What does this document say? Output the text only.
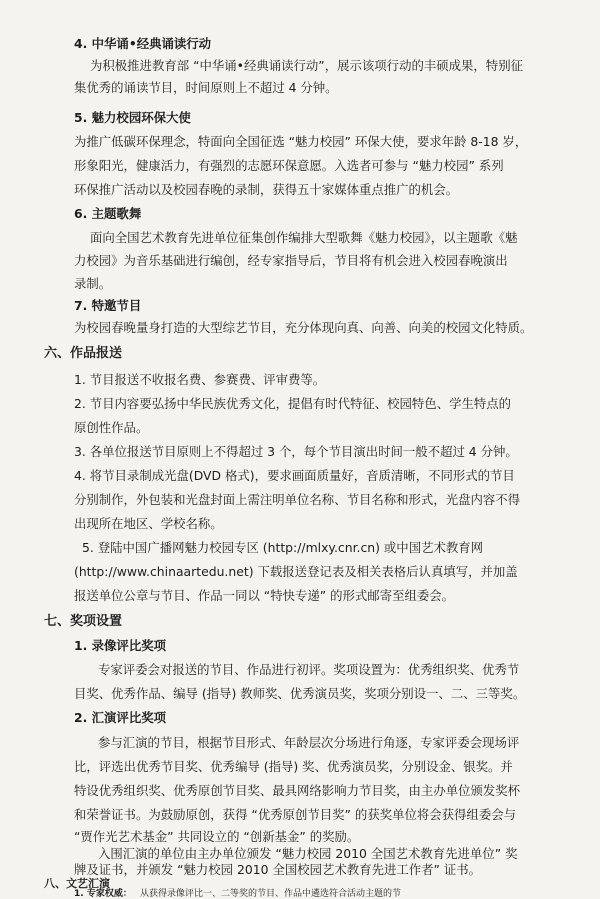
4. 中华诵•经典诵读行动
为积极推进教育部 “中华诵•经典诵读行动”，展示该项行动的丰硕成果，特别征
集优秀的诵读节目，时间原则上不超过 4 分钟。
5. 魅力校园环保大使
为推广低碳环保理念，特面向全国征选 “魅力校园” 环保大使，要求年龄 8-18 岁，
形象阳光，健康活力，有强烈的志愿环保意愿。入选者可参与 “魅力校园” 系列
环保推广活动以及校园春晚的录制，获得五十家媒体重点推广的机会。
6. 主题歌舞
面向全国艺术教育先进单位征集创作编排大型歌舞《魅力校园》，以主题歌《魅
力校园》为音乐基础进行编创，经专家指导后，节目将有机会进入校园春晚演出
录制。
7. 特邀节目
为校园春晚量身打造的大型综艺节目，充分体现向真、向善、向美的校园文化特质。
六、作品报送
1. 节目报送不收报名费、参赛费、评审费等。
2. 节目内容要弘扬中华民族优秀文化，提倡有时代特征、校园特色、学生特点的
原创性作品。
3. 各单位报送节目原则上不得超过 3 个，每个节目演出时间一般不超过 4 分钟。
4. 将节目录制成光盘(DVD 格式)，要求画面质量好，音质清晰，不同形式的节目
分别制作，外包装和光盘封面上需注明单位名称、节目名称和形式，光盘内容不得
出现所在地区、学校名称。
5. 登陆中国广播网魅力校园专区 (http://mlxy.cnr.cn) 或中国艺术教育网
(http://www.chinaartedu.net) 下载报送登记表及相关表格后认真填写，并加盖
报送单位公章与节目、作品一同以 “特快专递” 的形式邮寄至组委会。
七、奖项设置
1. 录像评比奖项
专家评委会对报送的节目、作品进行初评。奖项设置为：优秀组织奖、优秀节
目奖、优秀作品、编导 (指导) 教师奖、优秀演员奖，奖项分别设一、二、三等奖。
2. 汇演评比奖项
参与汇演的节目，根据节目形式、年龄层次分场进行角逐，专家评委会现场评
比，评选出优秀节目奖、优秀编导 (指导) 奖、优秀演员奖，分别设金、银奖。并
特设优秀组织奖、优秀原创节目奖、最具网络影响力节目奖，由主办单位颁发奖杯
和荣誉证书。为鼓励原创，获得 “优秀原创节目奖” 的获奖单位将会获得组委会与
“贾作光艺术基金” 共同设立的 “创新基金” 的奖励。
入围汇演的单位由主办单位颁发 “魅力校园 2010 全国艺术教育先进单位” 奖
牌及证书，并颁发 “魅力校园 2010 全国校园艺术教育先进工作者” 证书。
八、文艺汇演
1. 专家权威： 从获得录像评比一、二等奖的节目、作品中遴选符合活动主题的节
